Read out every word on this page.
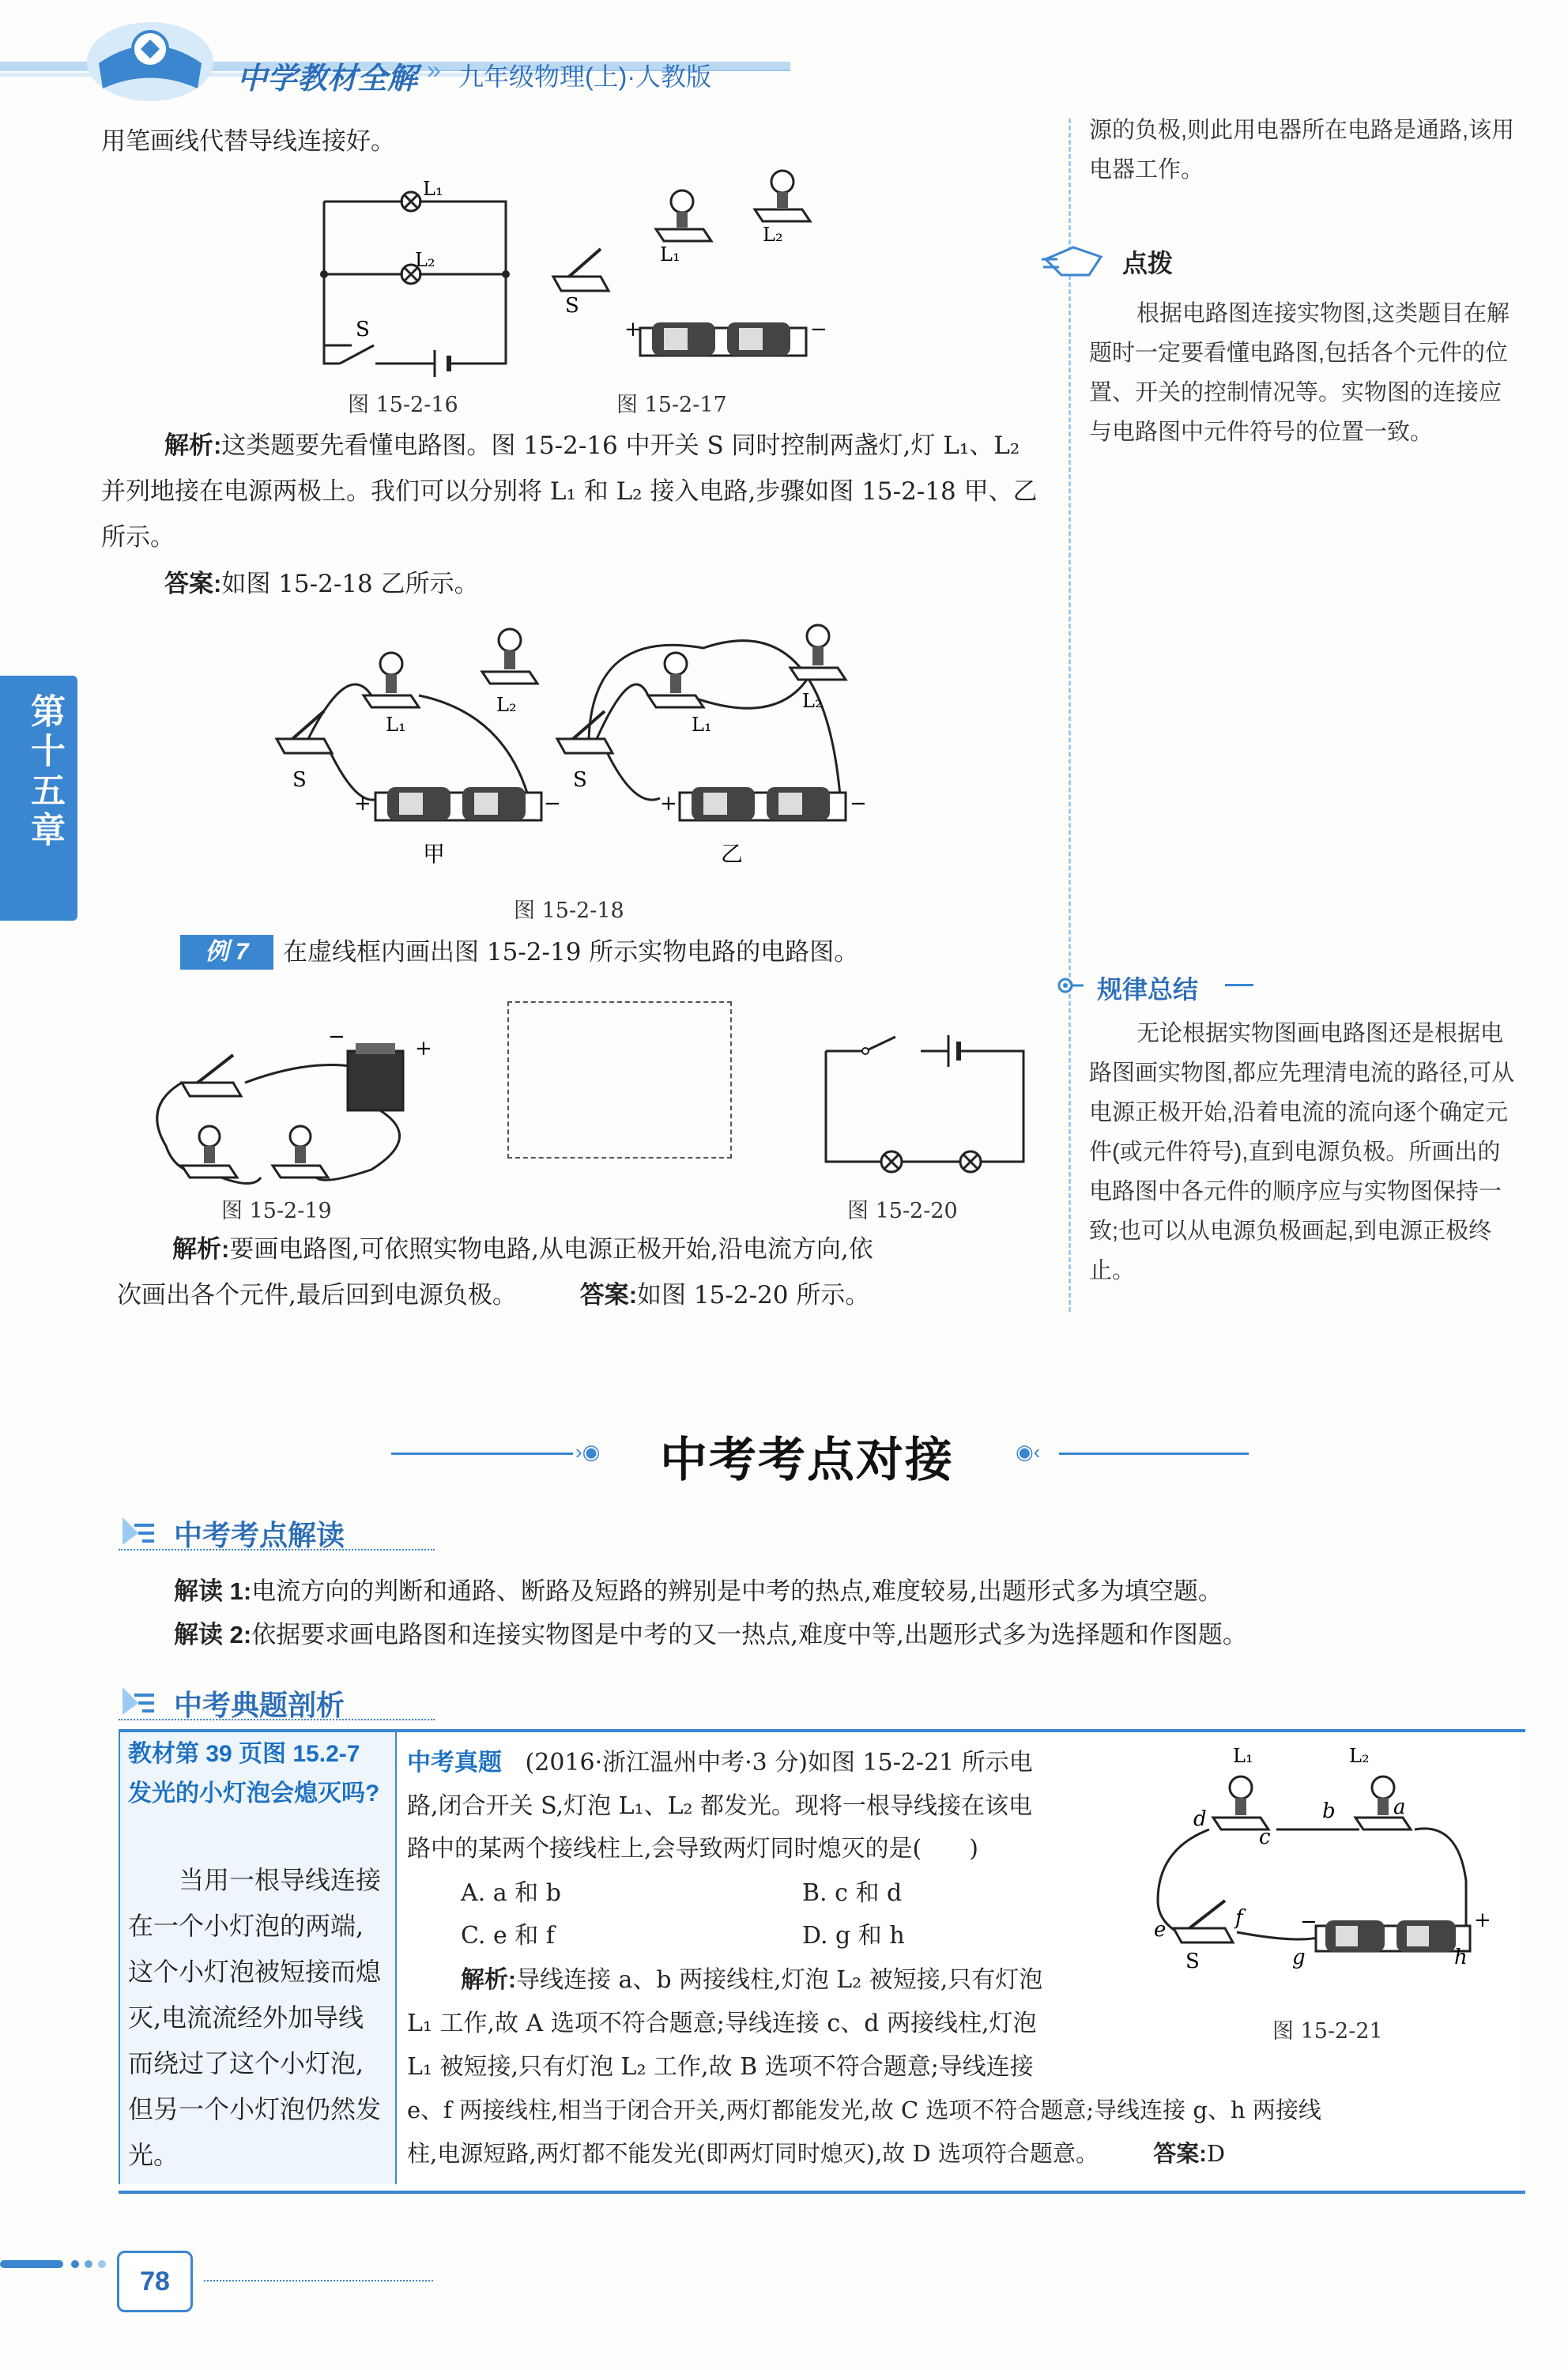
中学教材全解 » 九年级物理(上)·人教版
第十五章
用笔画线代替导线连接好。
L₁
L₂
S
图 15-2-16
L₁
L₂
S
+	−
图 15-2-17
解析:这类题要先看懂电路图。图 15-2-16 中开关 S 同时控制两盏灯,灯 L₁、L₂ 并列地接在电源两极上。我们可以分别将 L₁ 和 L₂ 接入电路,步骤如图 15-2-18 甲、乙所示。
答案:如图 15-2-18 乙所示。
L₁
L₂
S
+	−
L₁
L₂
S
+	−
甲	乙
图 15-2-18
例 7	在虚线框内画出图 15-2-19 所示实物电路的电路图。
−	+
图 15-2-19	图 15-2-20
解析:要画电路图,可依照实物电路,从电源正极开始,沿电流方向,依
次画出各个元件,最后回到电源负极。	答案:如图 15-2-20 所示。
源的负极,则此用电器所在电路是通路,该用电器工作。
点拨
根据电路图连接实物图,这类题目在解题时一定要看懂电路图,包括各个元件的位置、开关的控制情况等。实物图的连接应与电路图中元件符号的位置一致。
规律总结
无论根据实物图画电路图还是根据电路图画实物图,都应先理清电流的路径,可从电源正极开始,沿着电流的流向逐个确定元件(或元件符号),直到电源负极。所画出的电路图中各元件的顺序应与实物图保持一致;也可以从电源负极画起,到电源正极终止。
›◉ 中考考点对接	◉‹
中考考点解读
解读 1:电流方向的判断和通路、断路及短路的辨别是中考的热点,难度较易,出题形式多为填空题。
解读 2:依据要求画电路图和连接实物图是中考的又一热点,难度中等,出题形式多为选择题和作图题。
中考典题剖析
教材第 39 页图 15.2-7 发光的小灯泡会熄灭吗?
当用一根导线连接在一个小灯泡的两端,这个小灯泡被短接而熄灭,电流流经外加导线而绕过了这个小灯泡,但另一个小灯泡仍然发光。
中考真题 (2016·浙江温州中考·3 分)如图 15-2-21 所示电
路,闭合开关 S,灯泡 L₁、L₂ 都发光。现将一根导线接在该电
路中的某两个接线柱上,会导致两灯同时熄灭的是(　　)
A. a 和 b	B. c 和 d
C. e 和 f	D. g 和 h
解析:导线连接 a、b 两接线柱,灯泡 L₂ 被短接,只有灯泡
L₁ 工作,故 A 选项不符合题意;导线连接 c、d 两接线柱,灯泡
L₁ 被短接,只有灯泡 L₂ 工作,故 B 选项不符合题意;导线连接
e、f 两接线柱,相当于闭合开关,两灯都能发光,故 C 选项不符合题意;导线连接 g、h 两接线
柱,电源短路,两灯都不能发光(即两灯同时熄灭),故 D 选项符合题意。 答案:D
L₁	L₂
d
c
b	a
e	f
S	g	h
−	+
图 15-2-21
78
